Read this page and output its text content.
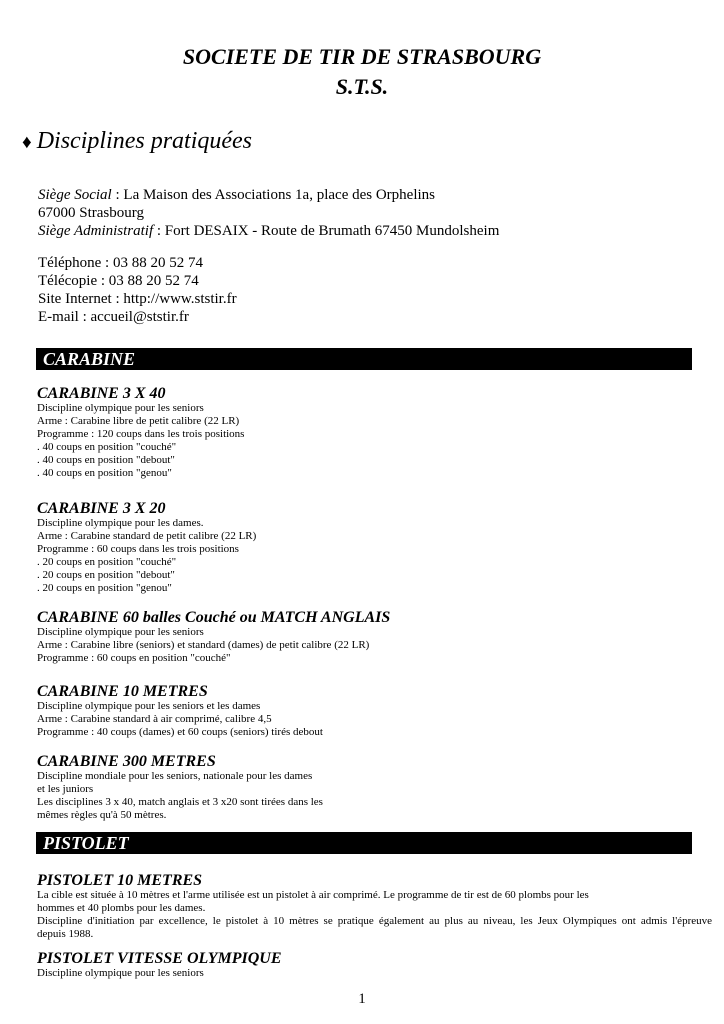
SOCIETE DE TIR DE STRASBOURG
S.T.S.
♦ Disciplines pratiquées
Siège Social : La Maison des Associations 1a, place des Orphelins
67000 Strasbourg
Siège Administratif : Fort DESAIX - Route de Brumath 67450 Mundolsheim
Téléphone : 03 88 20 52 74
Télécopie : 03 88 20 52 74
Site Internet : http://www.ststir.fr
E-mail : accueil@ststir.fr
CARABINE
CARABINE 3 X 40
Discipline olympique pour les seniors
Arme : Carabine libre de petit calibre (22 LR)
Programme : 120 coups dans les trois positions
. 40 coups en position "couché"
. 40 coups en position "debout"
. 40 coups en position "genou"
CARABINE 3 X 20
Discipline olympique pour les dames.
Arme : Carabine standard de petit calibre (22 LR)
Programme : 60 coups dans les trois positions
. 20 coups en position "couché"
. 20 coups en position "debout"
. 20 coups en position "genou"
CARABINE 60 balles Couché ou MATCH ANGLAIS
Discipline olympique pour les seniors
Arme : Carabine libre (seniors) et standard (dames) de petit calibre (22 LR)
Programme : 60 coups en position "couché"
CARABINE 10 METRES
Discipline olympique pour les seniors et les dames
Arme : Carabine standard à air comprimé, calibre 4,5
Programme : 40 coups (dames) et 60 coups (seniors) tirés debout
CARABINE 300 METRES
Discipline mondiale pour les seniors, nationale pour les dames
et les juniors
Les disciplines 3 x 40, match anglais et 3 x20 sont tirées dans les
mêmes règles qu'à 50 mètres.
PISTOLET
PISTOLET 10 METRES
La cible est située à 10 mètres et l'arme utilisée est un pistolet à air comprimé. Le programme de tir est de 60 plombs pour les
hommes et 40 plombs pour les dames.
Discipline d'initiation par excellence, le pistolet à 10 mètres se pratique également au plus au niveau, les Jeux Olympiques ont admis l'épreuve
depuis 1988.
PISTOLET VITESSE OLYMPIQUE
Discipline olympique pour les seniors
1
